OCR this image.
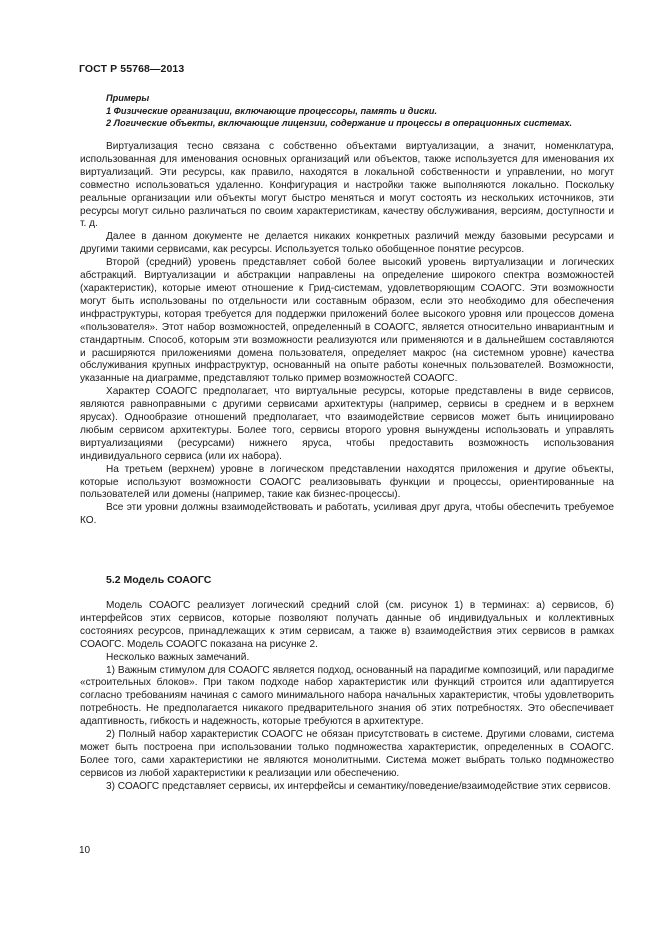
ГОСТ Р 55768—2013
Примеры
1 Физические организации, включающие процессоры, память и диски.
2 Логические объекты, включающие лицензии, содержание и процессы в операционных системах.

Виртуализация тесно связана с собственно объектами виртуализации, а значит, номенклатура, использованная для именования основных организаций или объектов, также используется для именования их виртуализаций. Эти ресурсы, как правило, находятся в локальной собственности и управлении, но могут совместно использоваться удаленно. Конфигурация и настройки также выполняются локально. Поскольку реальные организации или объекты могут быстро меняться и могут состоять из нескольких источников, эти ресурсы могут сильно различаться по своим характеристикам, качеству обслуживания, версиям, доступности и т. д.

Далее в данном документе не делается никаких конкретных различий между базовыми ресурсами и другими такими сервисами, как ресурсы. Используется только обобщенное понятие ресурсов.

Второй (средний) уровень представляет собой более высокий уровень виртуализации и логических абстракций. Виртуализации и абстракции направлены на определение широкого спектра возможностей (характеристик), которые имеют отношение к Грид-системам, удовлетворяющим СОАОГС. Эти возможности могут быть использованы по отдельности или составным образом, если это необходимо для обеспечения инфраструктуры, которая требуется для поддержки приложений более высокого уровня или процессов домена «пользователя». Этот набор возможностей, определенный в СОАОГС, является относительно инвариантным и стандартным. Способ, которым эти возможности реализуются или применяются и в дальнейшем составляются и расширяются приложениями домена пользователя, определяет макрос (на системном уровне) качества обслуживания крупных инфраструктур, основанный на опыте работы конечных пользователей. Возможности, указанные на диаграмме, представляют только пример возможностей СОАОГС.

Характер СОАОГС предполагает, что виртуальные ресурсы, которые представлены в виде сервисов, являются равноправными с другими сервисами архитектуры (например, сервисы в среднем и в верхнем ярусах). Однообразие отношений предполагает, что взаимодействие сервисов может быть инициировано любым сервисом архитектуры. Более того, сервисы второго уровня вынуждены использовать и управлять виртуализациями (ресурсами) нижнего яруса, чтобы предоставить возможность использования индивидуального сервиса (или их набора).

На третьем (верхнем) уровне в логическом представлении находятся приложения и другие объекты, которые используют возможности СОАОГС реализовывать функции и процессы, ориентированные на пользователей или домены (например, такие как бизнес-процессы).

Все эти уровни должны взаимодействовать и работать, усиливая друг друга, чтобы обеспечить требуемое КО.

5.2 Модель СОАОГС

Модель СОАОГС реализует логический средний слой (см. рисунок 1) в терминах: а) сервисов, б) интерфейсов этих сервисов, которые позволяют получать данные об индивидуальных и коллективных состояниях ресурсов, принадлежащих к этим сервисам, а также в) взаимодействия этих сервисов в рамках СОАОГС. Модель СОАОГС показана на рисунке 2.

Несколько важных замечаний.

1) Важным стимулом для СОАОГС является подход, основанный на парадигме композиций, или парадигме «строительных блоков». При таком подходе набор характеристик или функций строится или адаптируется согласно требованиям начиная с самого минимального набора начальных характеристик, чтобы удовлетворить потребность. Не предполагается никакого предварительного знания об этих потребностях. Это обеспечивает адаптивность, гибкость и надежность, которые требуются в архитектуре.

2) Полный набор характеристик СОАОГС не обязан присутствовать в системе. Другими словами, система может быть построена при использовании только подмножества характеристик, определенных в СОАОГС. Более того, сами характеристики не являются монолитными. Система может выбрать только подмножество сервисов из любой характеристики к реализации или обеспечению.

3) СОАОГС представляет сервисы, их интерфейсы и семантику/поведение/взаимодействие этих сервисов.

10
